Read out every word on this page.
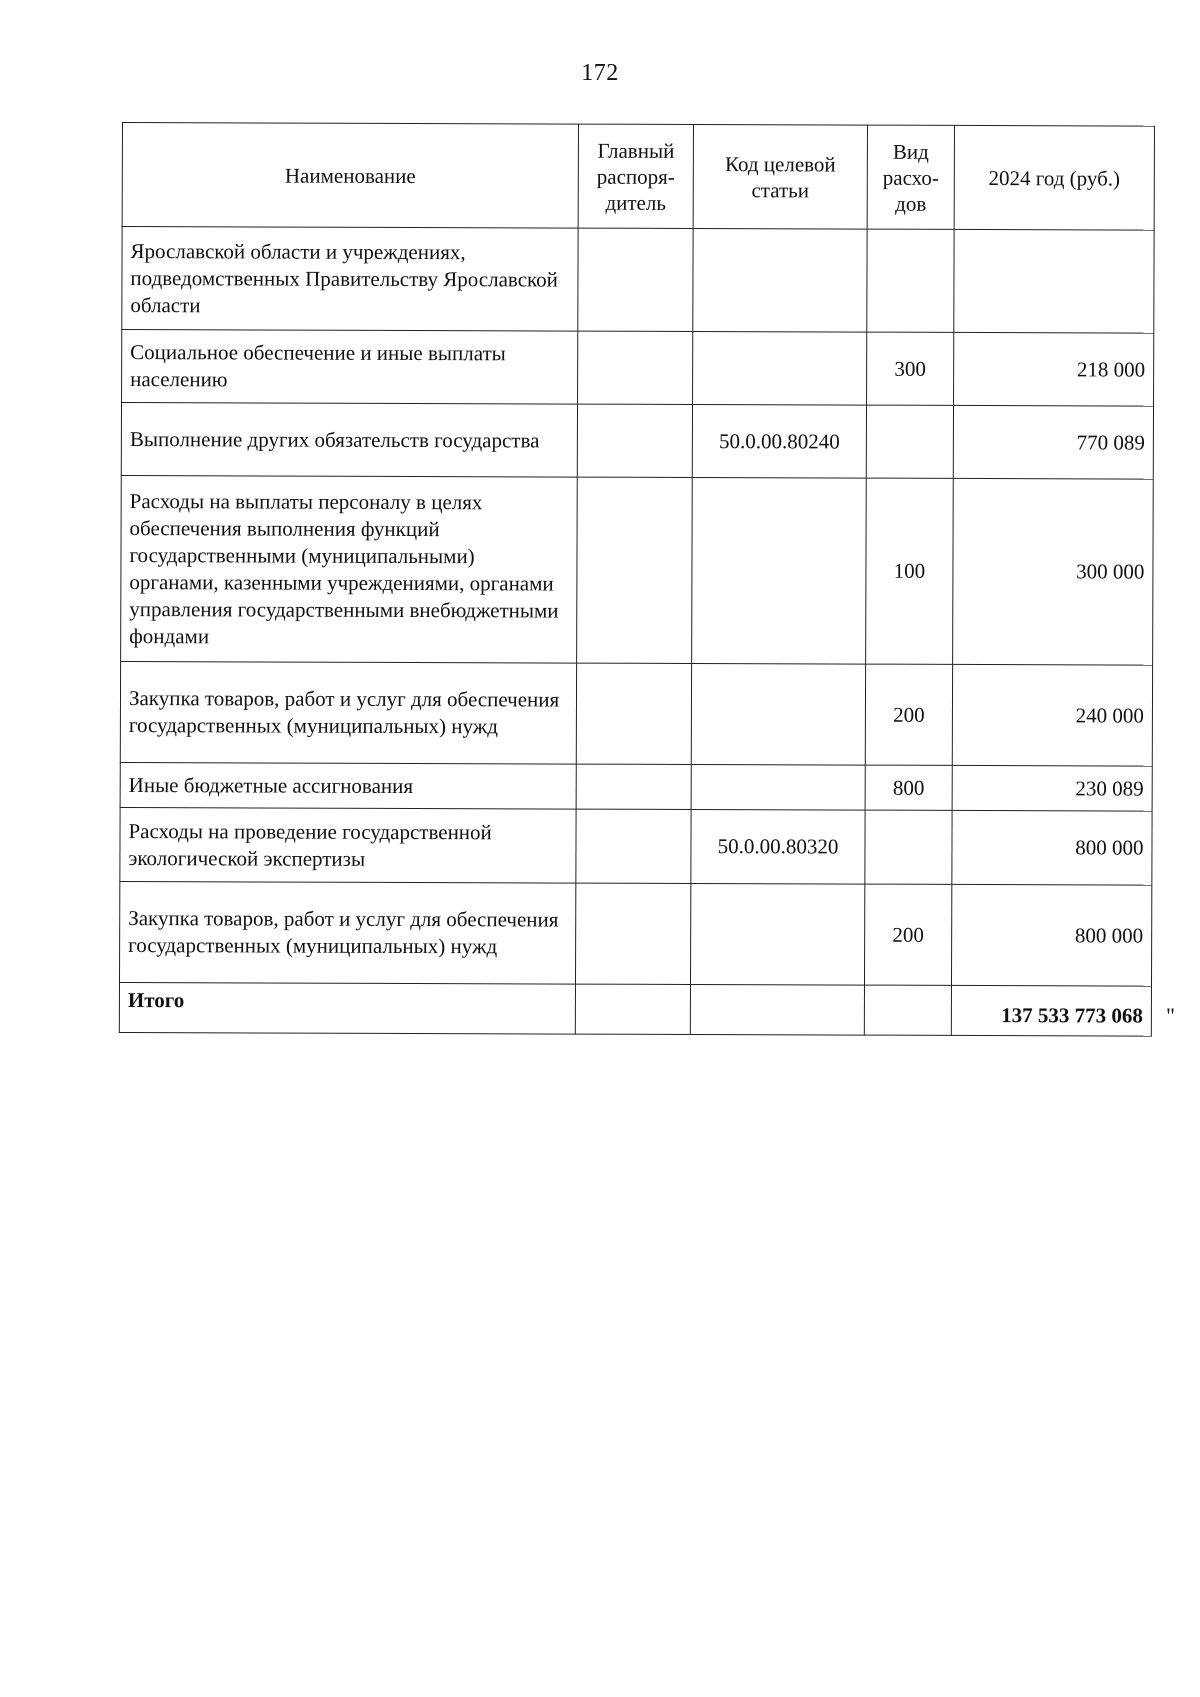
172
Наименование	Главный распоря-дитель	Код целевой статьи	Вид расхо-дов	2024 год (руб.)
Ярославской области и учреждениях, подведомственных Правительству Ярославской области				
Социальное обеспечение и иные выплаты населению			300	218 000
Выполнение других обязательств государства		50.0.00.80240		770 089
Расходы на выплаты персоналу в целях обеспечения выполнения функций государственными (муниципальными) органами, казенными учреждениями, органами управления государственными внебюджетными фондами			100	300 000
Закупка товаров, работ и услуг для обеспечения государственных (муниципальных) нужд			200	240 000
Иные бюджетные ассигнования			800	230 089
Расходы на проведение государственной экологической экспертизы		50.0.00.80320		800 000
Закупка товаров, работ и услуг для обеспечения государственных (муниципальных) нужд			200	800 000
Итого				137 533 773 068 "
